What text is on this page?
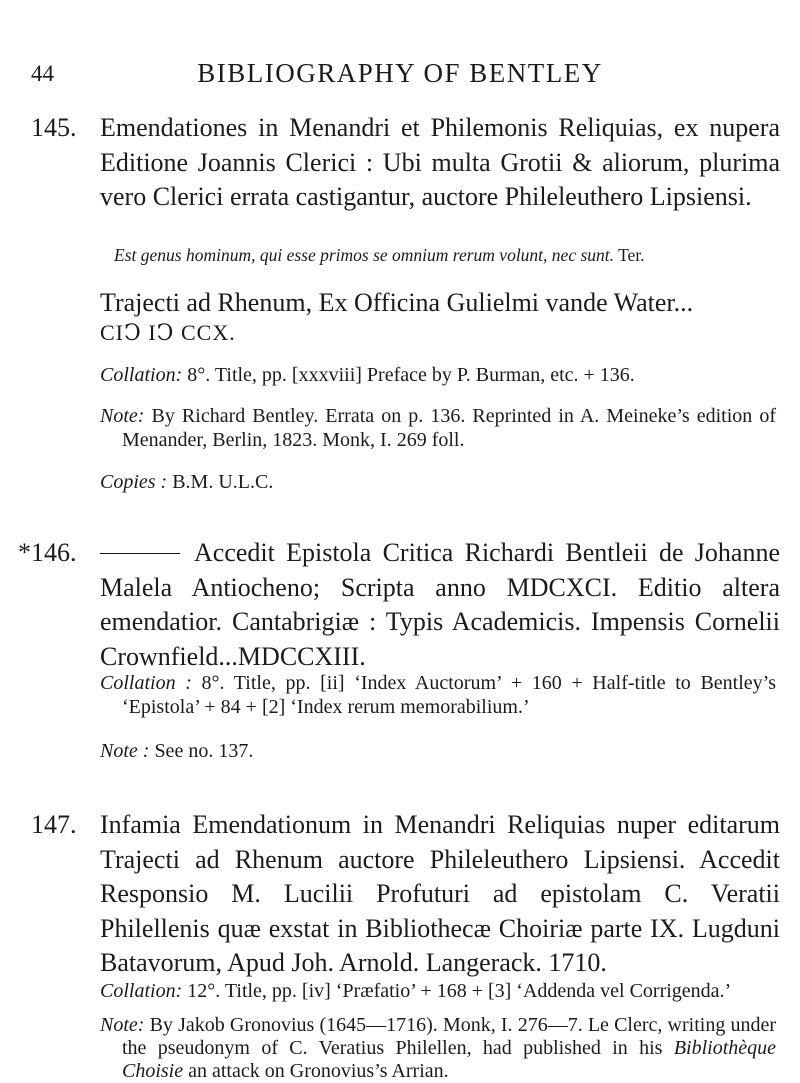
44	BIBLIOGRAPHY OF BENTLEY
145. Emendationes in Menandri et Philemonis Reliquias, ex nupera Editione Joannis Clerici : Ubi multa Grotii & aliorum, plurima vero Clerici errata castigantur, auctore Phileleuthero Lipsiensi.
Est genus hominum, qui esse primos se omnium rerum volunt, nec sunt. Ter.
Trajecti ad Rhenum, Ex Officina Gulielmi vande Water...
CIↃ IↃ CCX.
Collation: 8°. Title, pp. [xxxviii] Preface by P. Burman, etc. + 136.
Note: By Richard Bentley. Errata on p. 136. Reprinted in A. Meineke’s edition of Menander, Berlin, 1823. Monk, I. 269 foll.
Copies : B.M. U.L.C.
*146.	Accedit Epistola Critica Richardi Bentleii de Johanne Malela Antiocheno; Scripta anno MDCXCI. Editio altera emendatior. Cantabrigiæ : Typis Academicis. Impensis Cornelii Crownfield...MDCCXIII.
Collation : 8°. Title, pp. [ii] ‘Index Auctorum’ + 160 + Half-title to Bentley’s ‘Epistola’ + 84 + [2] ‘Index rerum memorabilium.’
Note : See no. 137.
147. Infamia Emendationum in Menandri Reliquias nuper editarum Trajecti ad Rhenum auctore Phileleuthero Lipsiensi. Accedit Responsio M. Lucilii Profuturi ad epistolam C. Veratii Philellenis quæ exstat in Bibliothecæ Choiriæ parte IX. Lugduni Batavorum, Apud Joh. Arnold. Langerack. 1710.
Collation: 12°. Title, pp. [iv] ‘Præfatio’ + 168 + [3] ‘Addenda vel Corrigenda.’
Note: By Jakob Gronovius (1645—1716). Monk, I. 276—7. Le Clerc, writing under the pseudonym of C. Veratius Philellen, had published in his Bibliothèque Choisie an attack on Gronovius’s Arrian.
